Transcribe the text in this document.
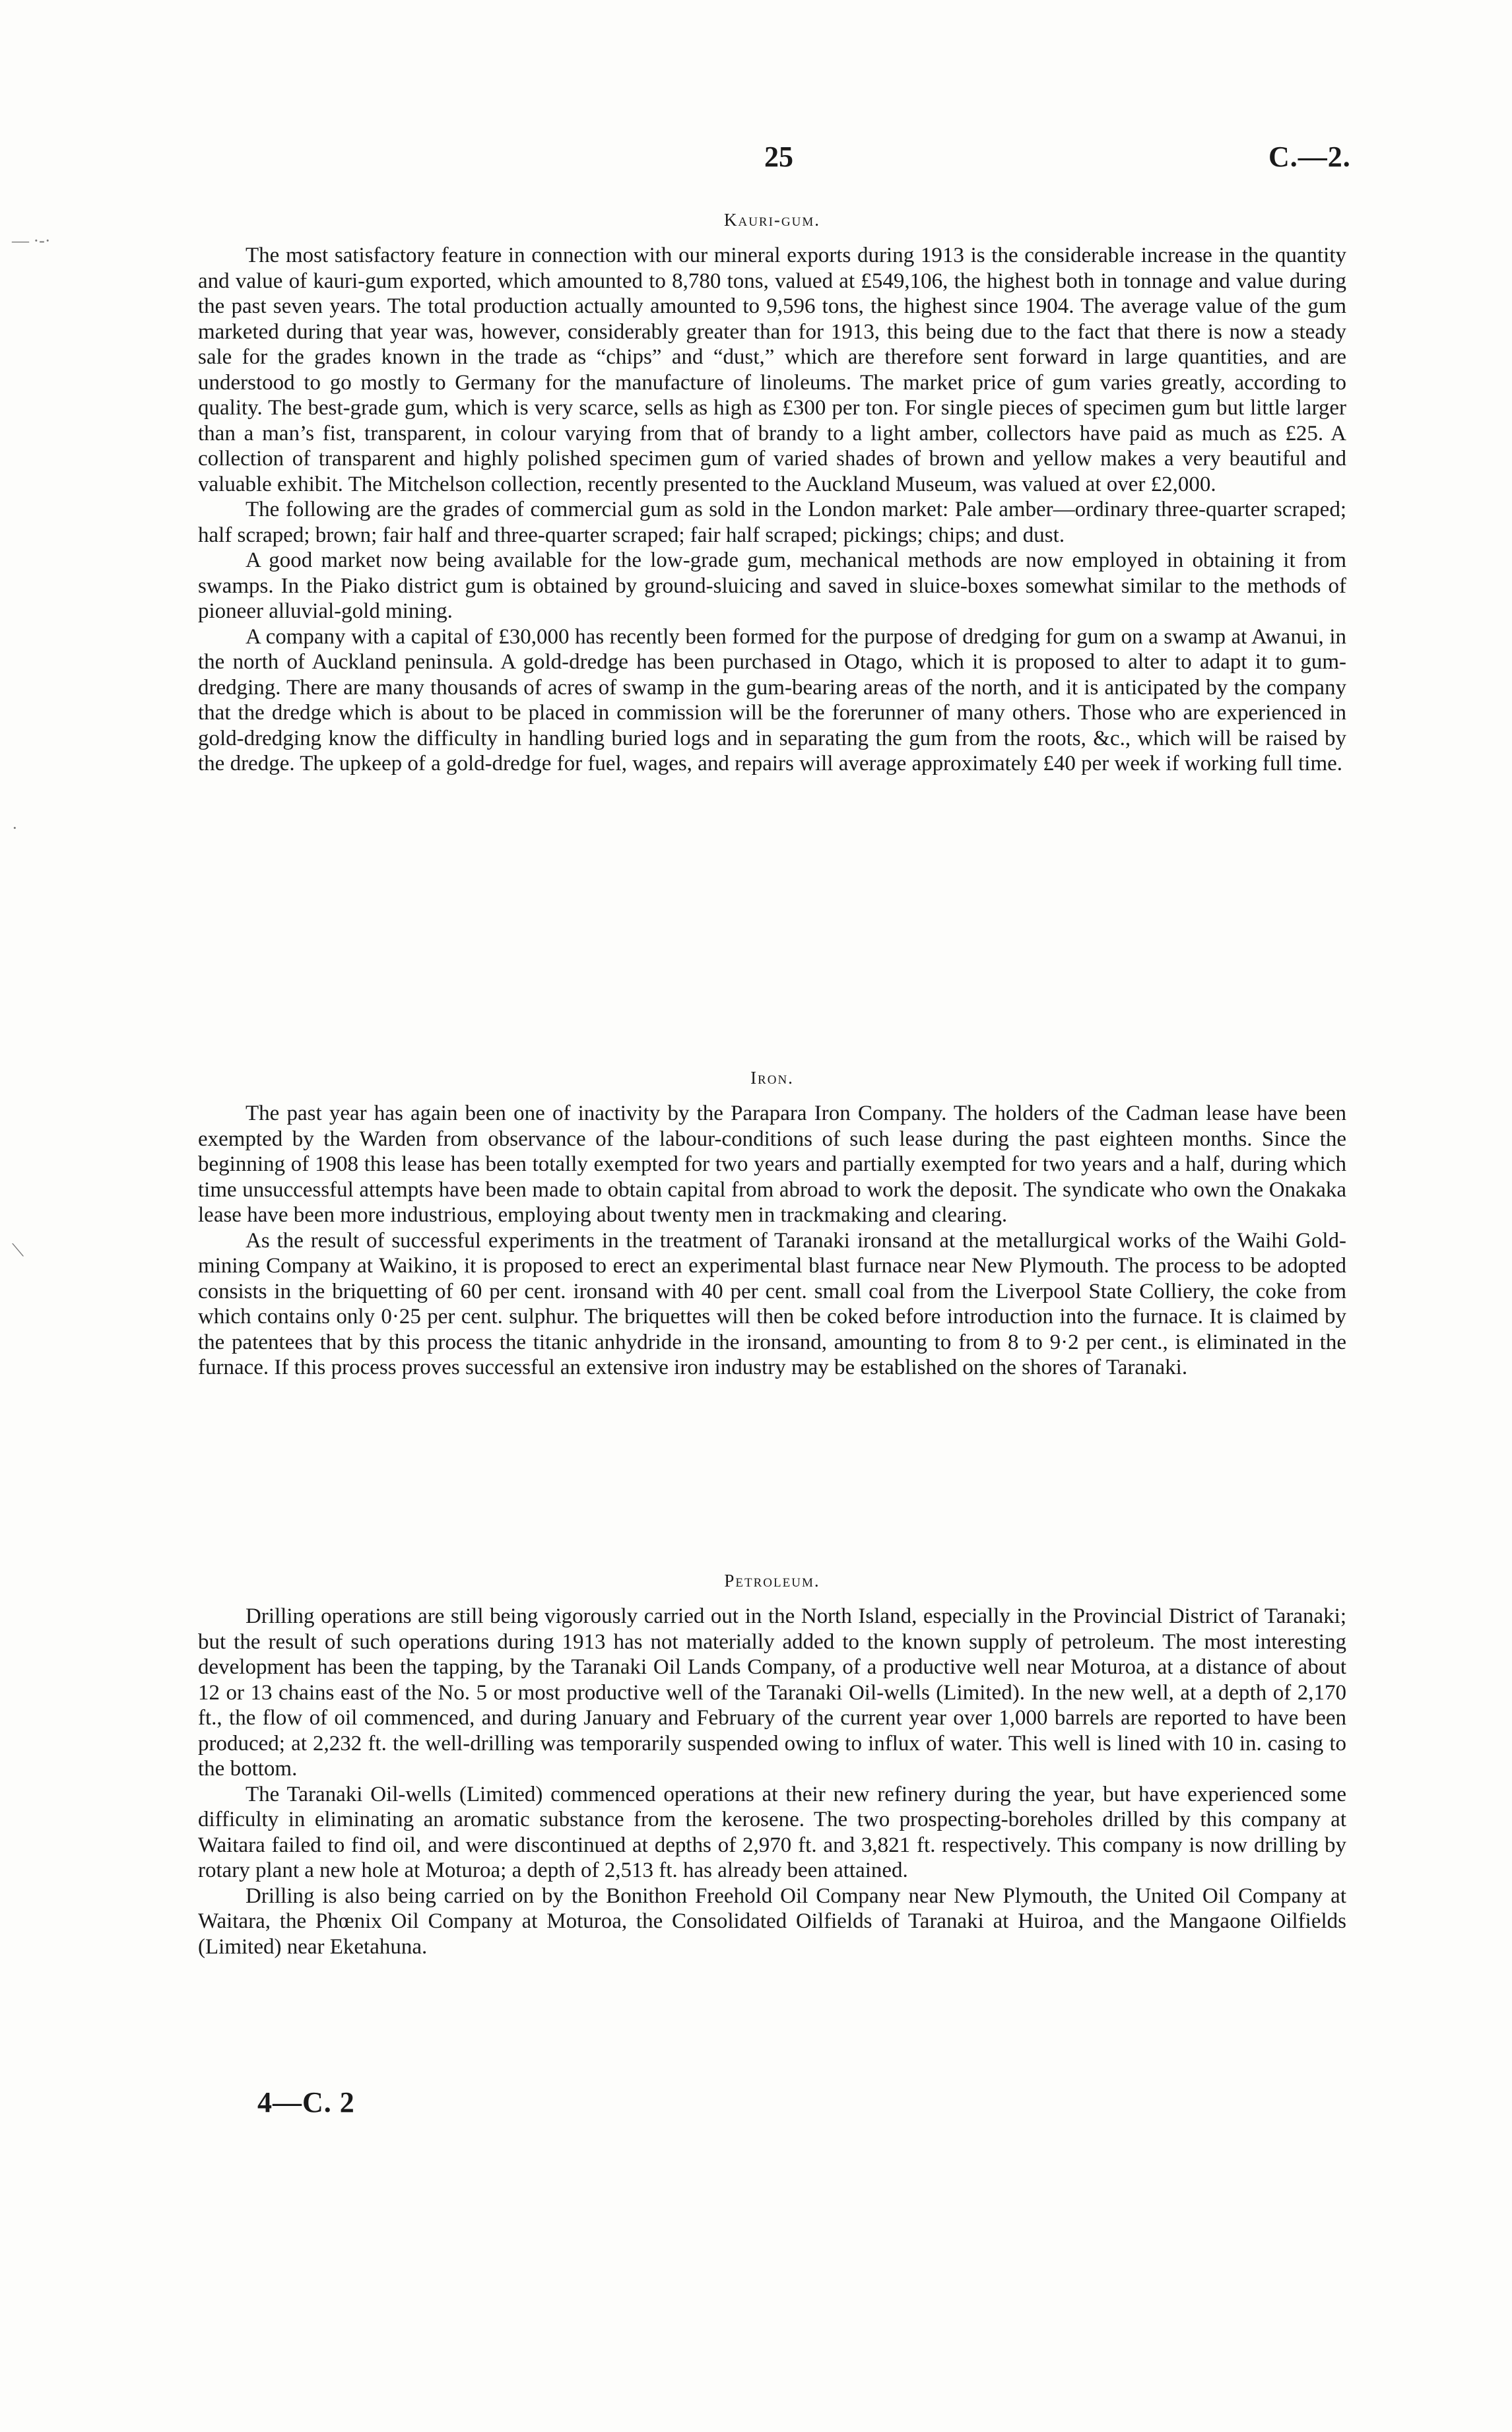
25	C.—2.
— ·-·
·
⟍
Kauri-gum.

The most satisfactory feature in connection with our mineral exports during 1913 is the considerable increase in the quantity and value of kauri-gum exported, which amounted to 8,780 tons, valued at £549,106, the highest both in tonnage and value during the past seven years. The total production actually amounted to 9,596 tons, the highest since 1904. The average value of the gum marketed during that year was, however, considerably greater than for 1913, this being due to the fact that there is now a steady sale for the grades known in the trade as “chips” and “dust,” which are therefore sent forward in large quantities, and are understood to go mostly to Germany for the manufacture of linoleums. The market price of gum varies greatly, according to quality. The best-grade gum, which is very scarce, sells as high as £300 per ton. For single pieces of specimen gum but little larger than a man’s fist, transparent, in colour varying from that of brandy to a light amber, collectors have paid as much as £25. A collection of transparent and highly polished specimen gum of varied shades of brown and yellow makes a very beautiful and valuable exhibit. The Mitchelson collection, recently presented to the Auckland Museum, was valued at over £2,000.

The following are the grades of commercial gum as sold in the London market: Pale amber—ordinary three-quarter scraped; half scraped; brown; fair half and three-quarter scraped; fair half scraped; pickings; chips; and dust.

A good market now being available for the low-grade gum, mechanical methods are now employed in obtaining it from swamps. In the Piako district gum is obtained by ground-sluicing and saved in sluice-boxes somewhat similar to the methods of pioneer alluvial-gold mining.

A company with a capital of £30,000 has recently been formed for the purpose of dredging for gum on a swamp at Awanui, in the north of Auckland peninsula. A gold-dredge has been purchased in Otago, which it is proposed to alter to adapt it to gum-dredging. There are many thousands of acres of swamp in the gum-bearing areas of the north, and it is anticipated by the company that the dredge which is about to be placed in commission will be the forerunner of many others. Those who are experienced in gold-dredging know the difficulty in handling buried logs and in separating the gum from the roots, &c., which will be raised by the dredge. The upkeep of a gold-dredge for fuel, wages, and repairs will average approximately £40 per week if working full time.

Iron.

The past year has again been one of inactivity by the Parapara Iron Company. The holders of the Cadman lease have been exempted by the Warden from observance of the labour-conditions of such lease during the past eighteen months. Since the beginning of 1908 this lease has been totally exempted for two years and partially exempted for two years and a half, during which time unsuccessful attempts have been made to obtain capital from abroad to work the deposit. The syndicate who own the Onakaka lease have been more industrious, employing about twenty men in trackmaking and clearing.

As the result of successful experiments in the treatment of Taranaki ironsand at the metallurgical works of the Waihi Gold-mining Company at Waikino, it is proposed to erect an experimental blast furnace near New Plymouth. The process to be adopted consists in the briquetting of 60 per cent. ironsand with 40 per cent. small coal from the Liverpool State Colliery, the coke from which contains only 0·25 per cent. sulphur. The briquettes will then be coked before introduction into the furnace. It is claimed by the patentees that by this process the titanic anhydride in the ironsand, amounting to from 8 to 9·2 per cent., is eliminated in the furnace. If this process proves successful an extensive iron industry may be established on the shores of Taranaki.

Petroleum.

Drilling operations are still being vigorously carried out in the North Island, especially in the Provincial District of Taranaki; but the result of such operations during 1913 has not materially added to the known supply of petroleum. The most interesting development has been the tapping, by the Taranaki Oil Lands Company, of a productive well near Moturoa, at a distance of about 12 or 13 chains east of the No. 5 or most productive well of the Taranaki Oil-wells (Limited). In the new well, at a depth of 2,170 ft., the flow of oil commenced, and during January and February of the current year over 1,000 barrels are reported to have been produced; at 2,232 ft. the well-drilling was temporarily suspended owing to influx of water. This well is lined with 10 in. casing to the bottom.

The Taranaki Oil-wells (Limited) commenced operations at their new refinery during the year, but have experienced some difficulty in eliminating an aromatic substance from the kerosene. The two prospecting-boreholes drilled by this company at Waitara failed to find oil, and were discontinued at depths of 2,970 ft. and 3,821 ft. respectively. This company is now drilling by rotary plant a new hole at Moturoa; a depth of 2,513 ft. has already been attained.

Drilling is also being carried on by the Bonithon Freehold Oil Company near New Plymouth, the United Oil Company at Waitara, the Phœnix Oil Company at Moturoa, the Consolidated Oilfields of Taranaki at Huiroa, and the Mangaone Oilfields (Limited) near Eketahuna.

4—C. 2
